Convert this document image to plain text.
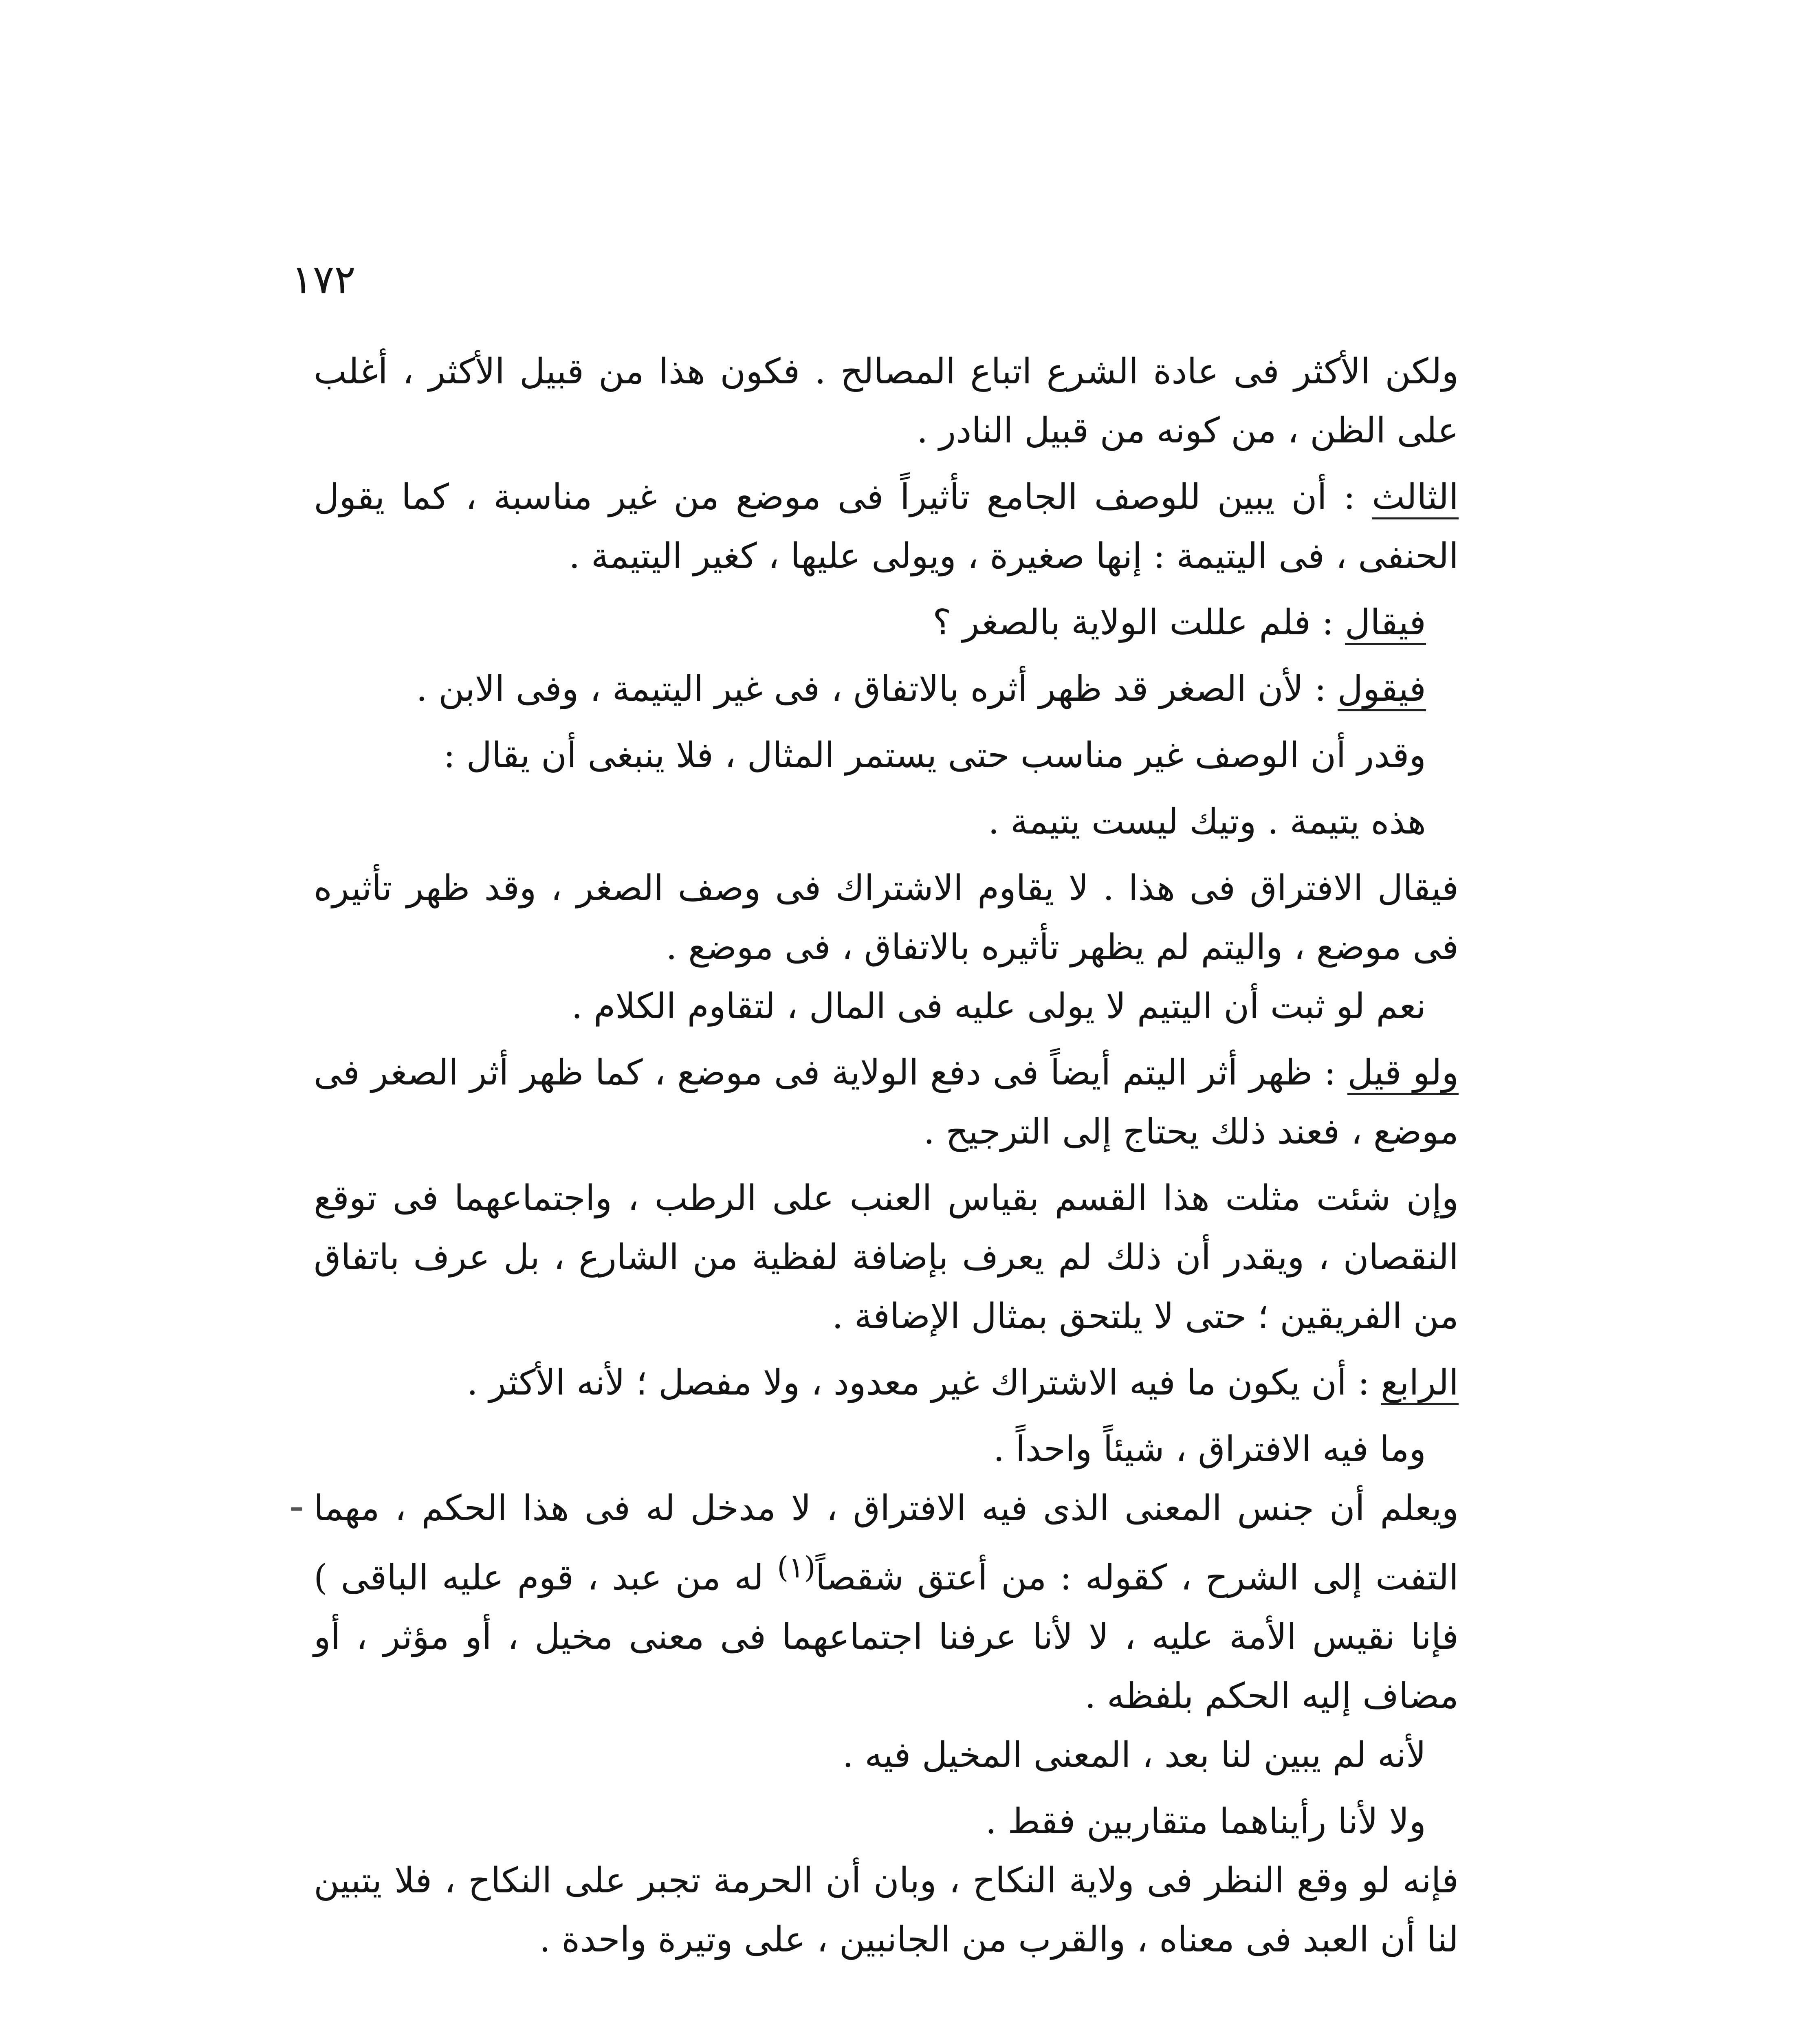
١٧٢

ولكن الأكثر فى عادة الشرع اتباع المصالح . فكون هذا من قبيل الأكثر ، أغلب على الظن ، من كونه من قبيل النادر .

الثالث : أن يبين للوصف الجامع تأثيراً فى موضع من غير مناسبة ، كما يقول الحنفى ، فى اليتيمة : إنها صغيرة ، ويولى عليها ، كغير اليتيمة .

فيقال : فلم عللت الولاية بالصغر ؟

فيقول : لأن الصغر قد ظهر أثره بالاتفاق ، فى غير اليتيمة ، وفى الابن .

وقدر أن الوصف غير مناسب حتى يستمر المثال ، فلا ينبغى أن يقال :

هذه يتيمة . وتيك ليست يتيمة .

فيقال الافتراق فى هذا . لا يقاوم الاشتراك فى وصف الصغر ، وقد ظهر تأثيره فى موضع ، واليتم لم يظهر تأثيره بالاتفاق ، فى موضع .

نعم لو ثبت أن اليتيم لا يولى عليه فى المال ، لتقاوم الكلام .

ولو قيل : ظهر أثر اليتم أيضاً فى دفع الولاية فى موضع ، كما ظهر أثر الصغر فى موضع ، فعند ذلك يحتاج إلى الترجيح .

وإن شئت مثلت هذا القسم بقياس العنب على الرطب ، واجتماعهما فى توقع النقصان ، ويقدر أن ذلك لم يعرف بإضافة لفظية من الشارع ، بل عرف باتفاق من الفريقين ؛ حتى لا يلتحق بمثال الإضافة .

الرابع : أن يكون ما فيه الاشتراك غير معدود ، ولا مفصل ؛ لأنه الأكثر .

وما فيه الافتراق ، شيئاً واحداً .

ويعلم أن جنس المعنى الذى فيه الافتراق ، لا مدخل له فى هذا الحكم ، مهما التفت إلى الشرح ، كقوله : من أعتق شقصاً$^{(١)}$ له من عبد ، قوم عليه الباقى ) فإنا نقيس الأمة عليه ، لا لأنا عرفنا اجتماعهما فى معنى مخيل ، أو مؤثر ، أو مضاف إليه الحكم بلفظه .

لأنه لم يبين لنا بعد ، المعنى المخيل فيه .

ولا لأنا رأيناهما متقاربين فقط .

فإنه لو وقع النظر فى ولاية النكاح ، وبان أن الحرمة تجبر على النكاح ، فلا يتبين لنا أن العبد فى معناه ، والقرب من الجانبين ، على وتيرة واحدة .
